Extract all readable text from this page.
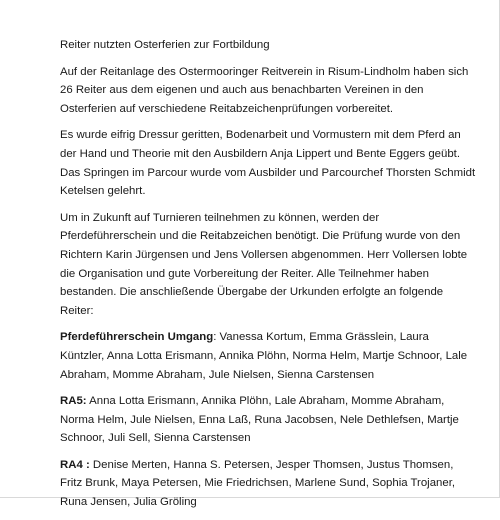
Reiter nutzten Osterferien zur Fortbildung

Auf der Reitanlage des Ostermooringer Reitverein in Risum-Lindholm haben sich 26 Reiter aus dem eigenen und auch aus benachbarten Vereinen in den Osterferien auf verschiedene Reitabzeichenprüfungen vorbereitet.

Es wurde eifrig Dressur geritten, Bodenarbeit und Vormustern mit dem Pferd an der Hand und Theorie mit den Ausbildern Anja Lippert und Bente Eggers geübt. Das Springen im Parcour wurde vom Ausbilder und Parcourchef Thorsten Schmidt Ketelsen gelehrt.

Um in Zukunft auf Turnieren teilnehmen zu können, werden der Pferdeführerschein und die Reitabzeichen benötigt. Die Prüfung wurde von den Richtern Karin Jürgensen und Jens Vollersen abgenommen. Herr Vollersen lobte die Organisation und gute Vorbereitung der Reiter. Alle Teilnehmer haben bestanden. Die anschließende Übergabe der Urkunden erfolgte an folgende Reiter:

Pferdeführerschein Umgang: Vanessa Kortum, Emma Grässlein, Laura Küntzler, Anna Lotta Erismann, Annika Plöhn, Norma Helm, Martje Schnoor, Lale Abraham, Momme Abraham, Jule Nielsen, Sienna Carstensen

RA5: Anna Lotta Erismann, Annika Plöhn, Lale Abraham, Momme Abraham, Norma Helm, Jule Nielsen, Enna Laß, Runa Jacobsen, Nele Dethlefsen, Martje Schnoor, Juli Sell, Sienna Carstensen

RA4 : Denise Merten, Hanna S. Petersen, Jesper Thomsen, Justus Thomsen, Fritz Brunk, Maya Petersen, Mie Friedrichsen, Marlene Sund, Sophia Trojaner, Runa Jensen, Julia Gröling
